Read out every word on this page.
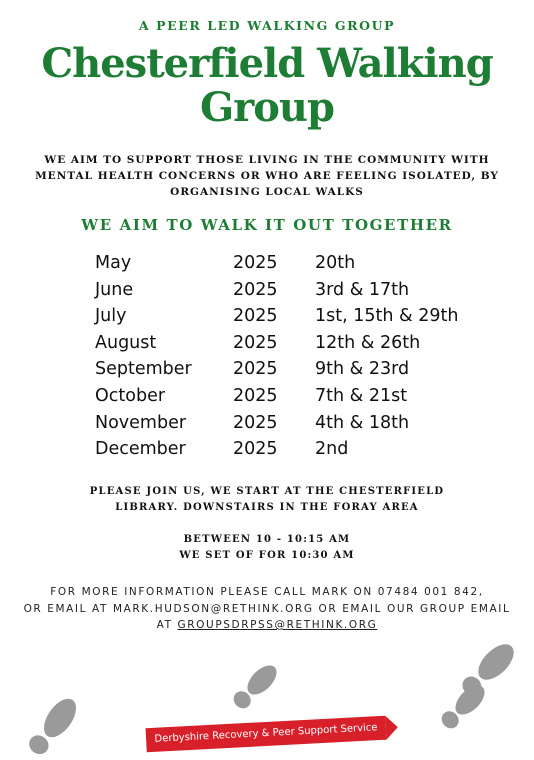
A PEER LED WALKING GROUP
Chesterfield Walking
Group
WE AIM TO SUPPORT THOSE LIVING IN THE COMMUNITY WITH
MENTAL HEALTH CONCERNS OR WHO ARE FEELING ISOLATED, BY
ORGANISING LOCAL WALKS
WE AIM TO WALK IT OUT TOGETHER
May	2025 20th
June	2025 3rd & 17th
July	2025 1st, 15th & 29th
August	2025 12th & 26th
September 2025 9th & 23rd
October	2025 7th & 21st
November	2025 4th & 18th
December	2025 2nd
PLEASE JOIN US, WE START AT THE CHESTERFIELD
LIBRARY. DOWNSTAIRS IN THE FORAY AREA
BETWEEN 10 - 10:15 AM
WE SET OF FOR 10:30 AM
FOR MORE INFORMATION PLEASE CALL MARK ON 07484 001 842,
OR EMAIL AT MARK.HUDSON@RETHINK.ORG OR EMAIL OUR GROUP EMAIL
AT GROUPSDRPSS@RETHINK.ORG
Derbyshire Recovery & Peer Support Service
